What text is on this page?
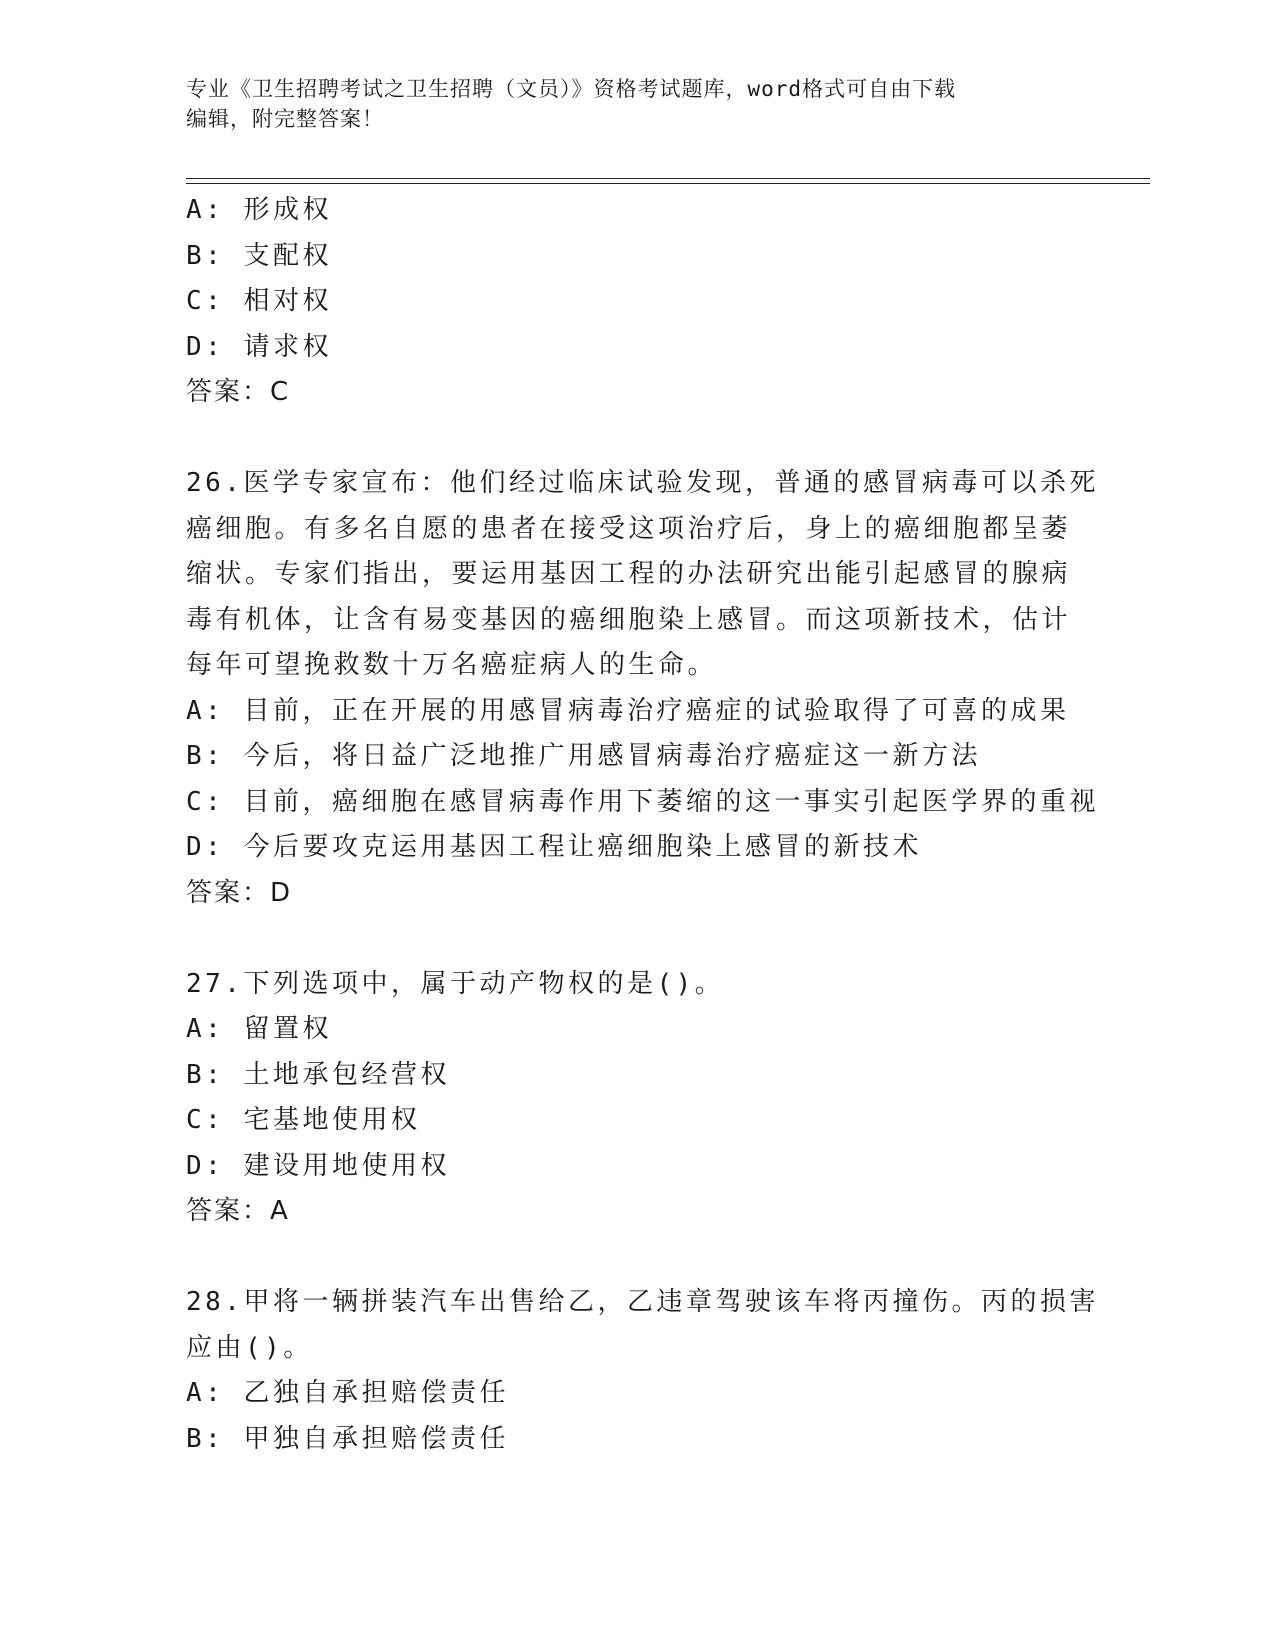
专业《卫生招聘考试之卫生招聘（文员）》资格考试题库，word格式可自由下载
编辑，附完整答案！
A: 形成权
B: 支配权
C: 相对权
D: 请求权
答案：C
26.医学专家宣布：他们经过临床试验发现，普通的感冒病毒可以杀死
癌细胞。有多名自愿的患者在接受这项治疗后，身上的癌细胞都呈萎
缩状。专家们指出，要运用基因工程的办法研究出能引起感冒的腺病
毒有机体，让含有易变基因的癌细胞染上感冒。而这项新技术，估计
每年可望挽救数十万名癌症病人的生命。
A: 目前，正在开展的用感冒病毒治疗癌症的试验取得了可喜的成果
B: 今后，将日益广泛地推广用感冒病毒治疗癌症这一新方法
C: 目前，癌细胞在感冒病毒作用下萎缩的这一事实引起医学界的重视
D: 今后要攻克运用基因工程让癌细胞染上感冒的新技术
答案：D
27.下列选项中，属于动产物权的是()。
A: 留置权
B: 土地承包经营权
C: 宅基地使用权
D: 建设用地使用权
答案：A
28.甲将一辆拼装汽车出售给乙，乙违章驾驶该车将丙撞伤。丙的损害
应由()。
A: 乙独自承担赔偿责任
B: 甲独自承担赔偿责任
